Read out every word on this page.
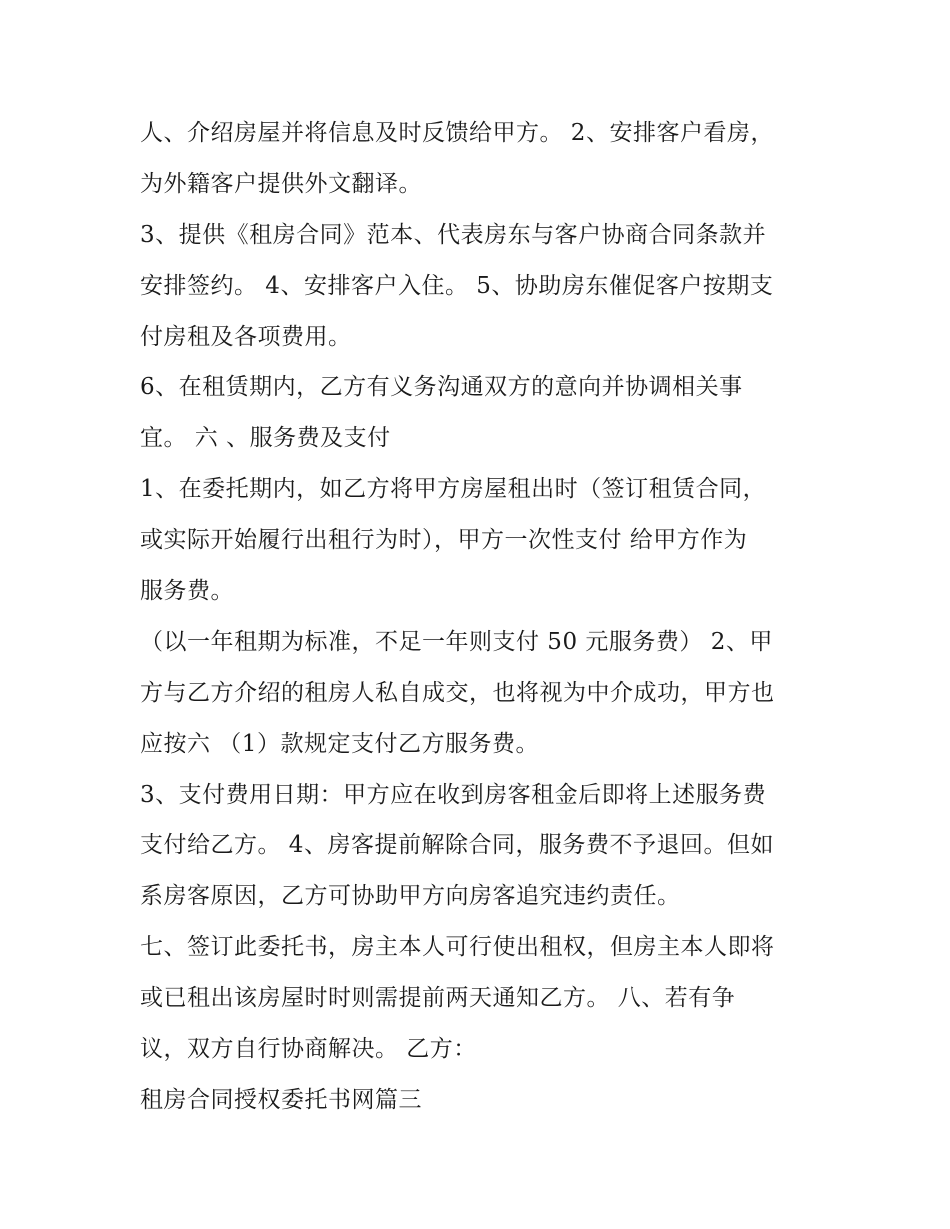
人、介绍房屋并将信息及时反馈给甲方。 2、安排客户看房，
为外籍客户提供外文翻译。
3、提供《租房合同》范本、代表房东与客户协商合同条款并
安排签约。 4、安排客户入住。 5、协助房东催促客户按期支
付房租及各项费用。
6、在租赁期内，乙方有义务沟通双方的意向并协调相关事
宜。 六 、服务费及支付
1、在委托期内，如乙方将甲方房屋租出时（签订租赁合同，
或实际开始履行出租行为时），甲方一次性支付 给甲方作为
服务费。
（以一年租期为标准，不足一年则支付 50 元服务费） 2、甲
方与乙方介绍的租房人私自成交，也将视为中介成功，甲方也
应按六 （1）款规定支付乙方服务费。
3、支付费用日期：甲方应在收到房客租金后即将上述服务费
支付给乙方。 4、房客提前解除合同，服务费不予退回。但如
系房客原因，乙方可协助甲方向房客追究违约责任。
七、签订此委托书，房主本人可行使出租权，但房主本人即将
或已租出该房屋时时则需提前两天通知乙方。 八、若有争
议，双方自行协商解决。 乙方：
租房合同授权委托书网篇三
